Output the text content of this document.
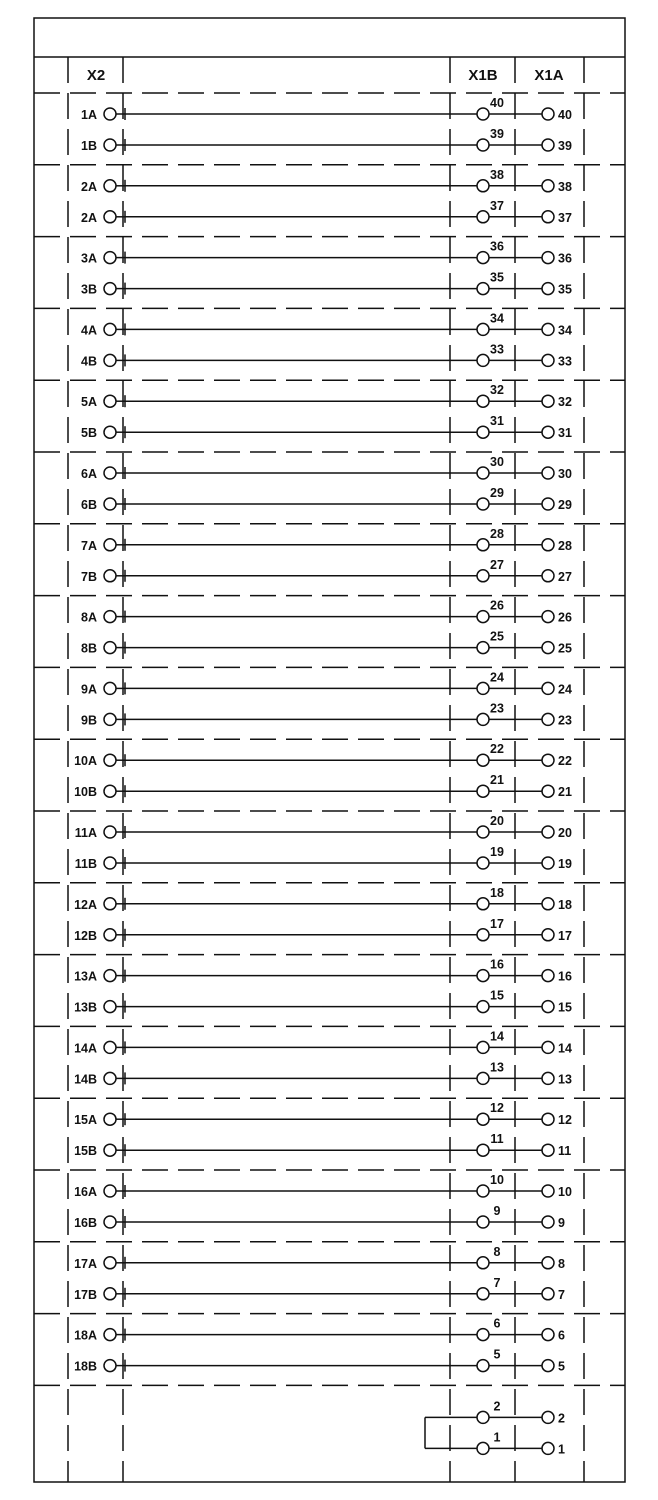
X2	X1B X1A
1A
40
40
1B
39
39
2A
38
38
2A
37
37
3A
36
36
3B
35
35
4A
34
34
4B
33
33
5A
32
32
5B
31
31
6A
30
30
6B
29
29
7A
28
28
7B
27
27
8A
26
26
8B
25
25
9A
24
24
9B
23
23
10A
22
22
10B
21
21
11A
20
20
11B
19
19
12A
18
18
12B
17
17
13A
16
16
13B
15
15
14A
14
14
14B
13
13
15A
12
12
15B
11
11
16A
10
10
16B
9
9
17A
8
8
17B
7
7
18A
6
6
18B
5
5
2
2
1
1
